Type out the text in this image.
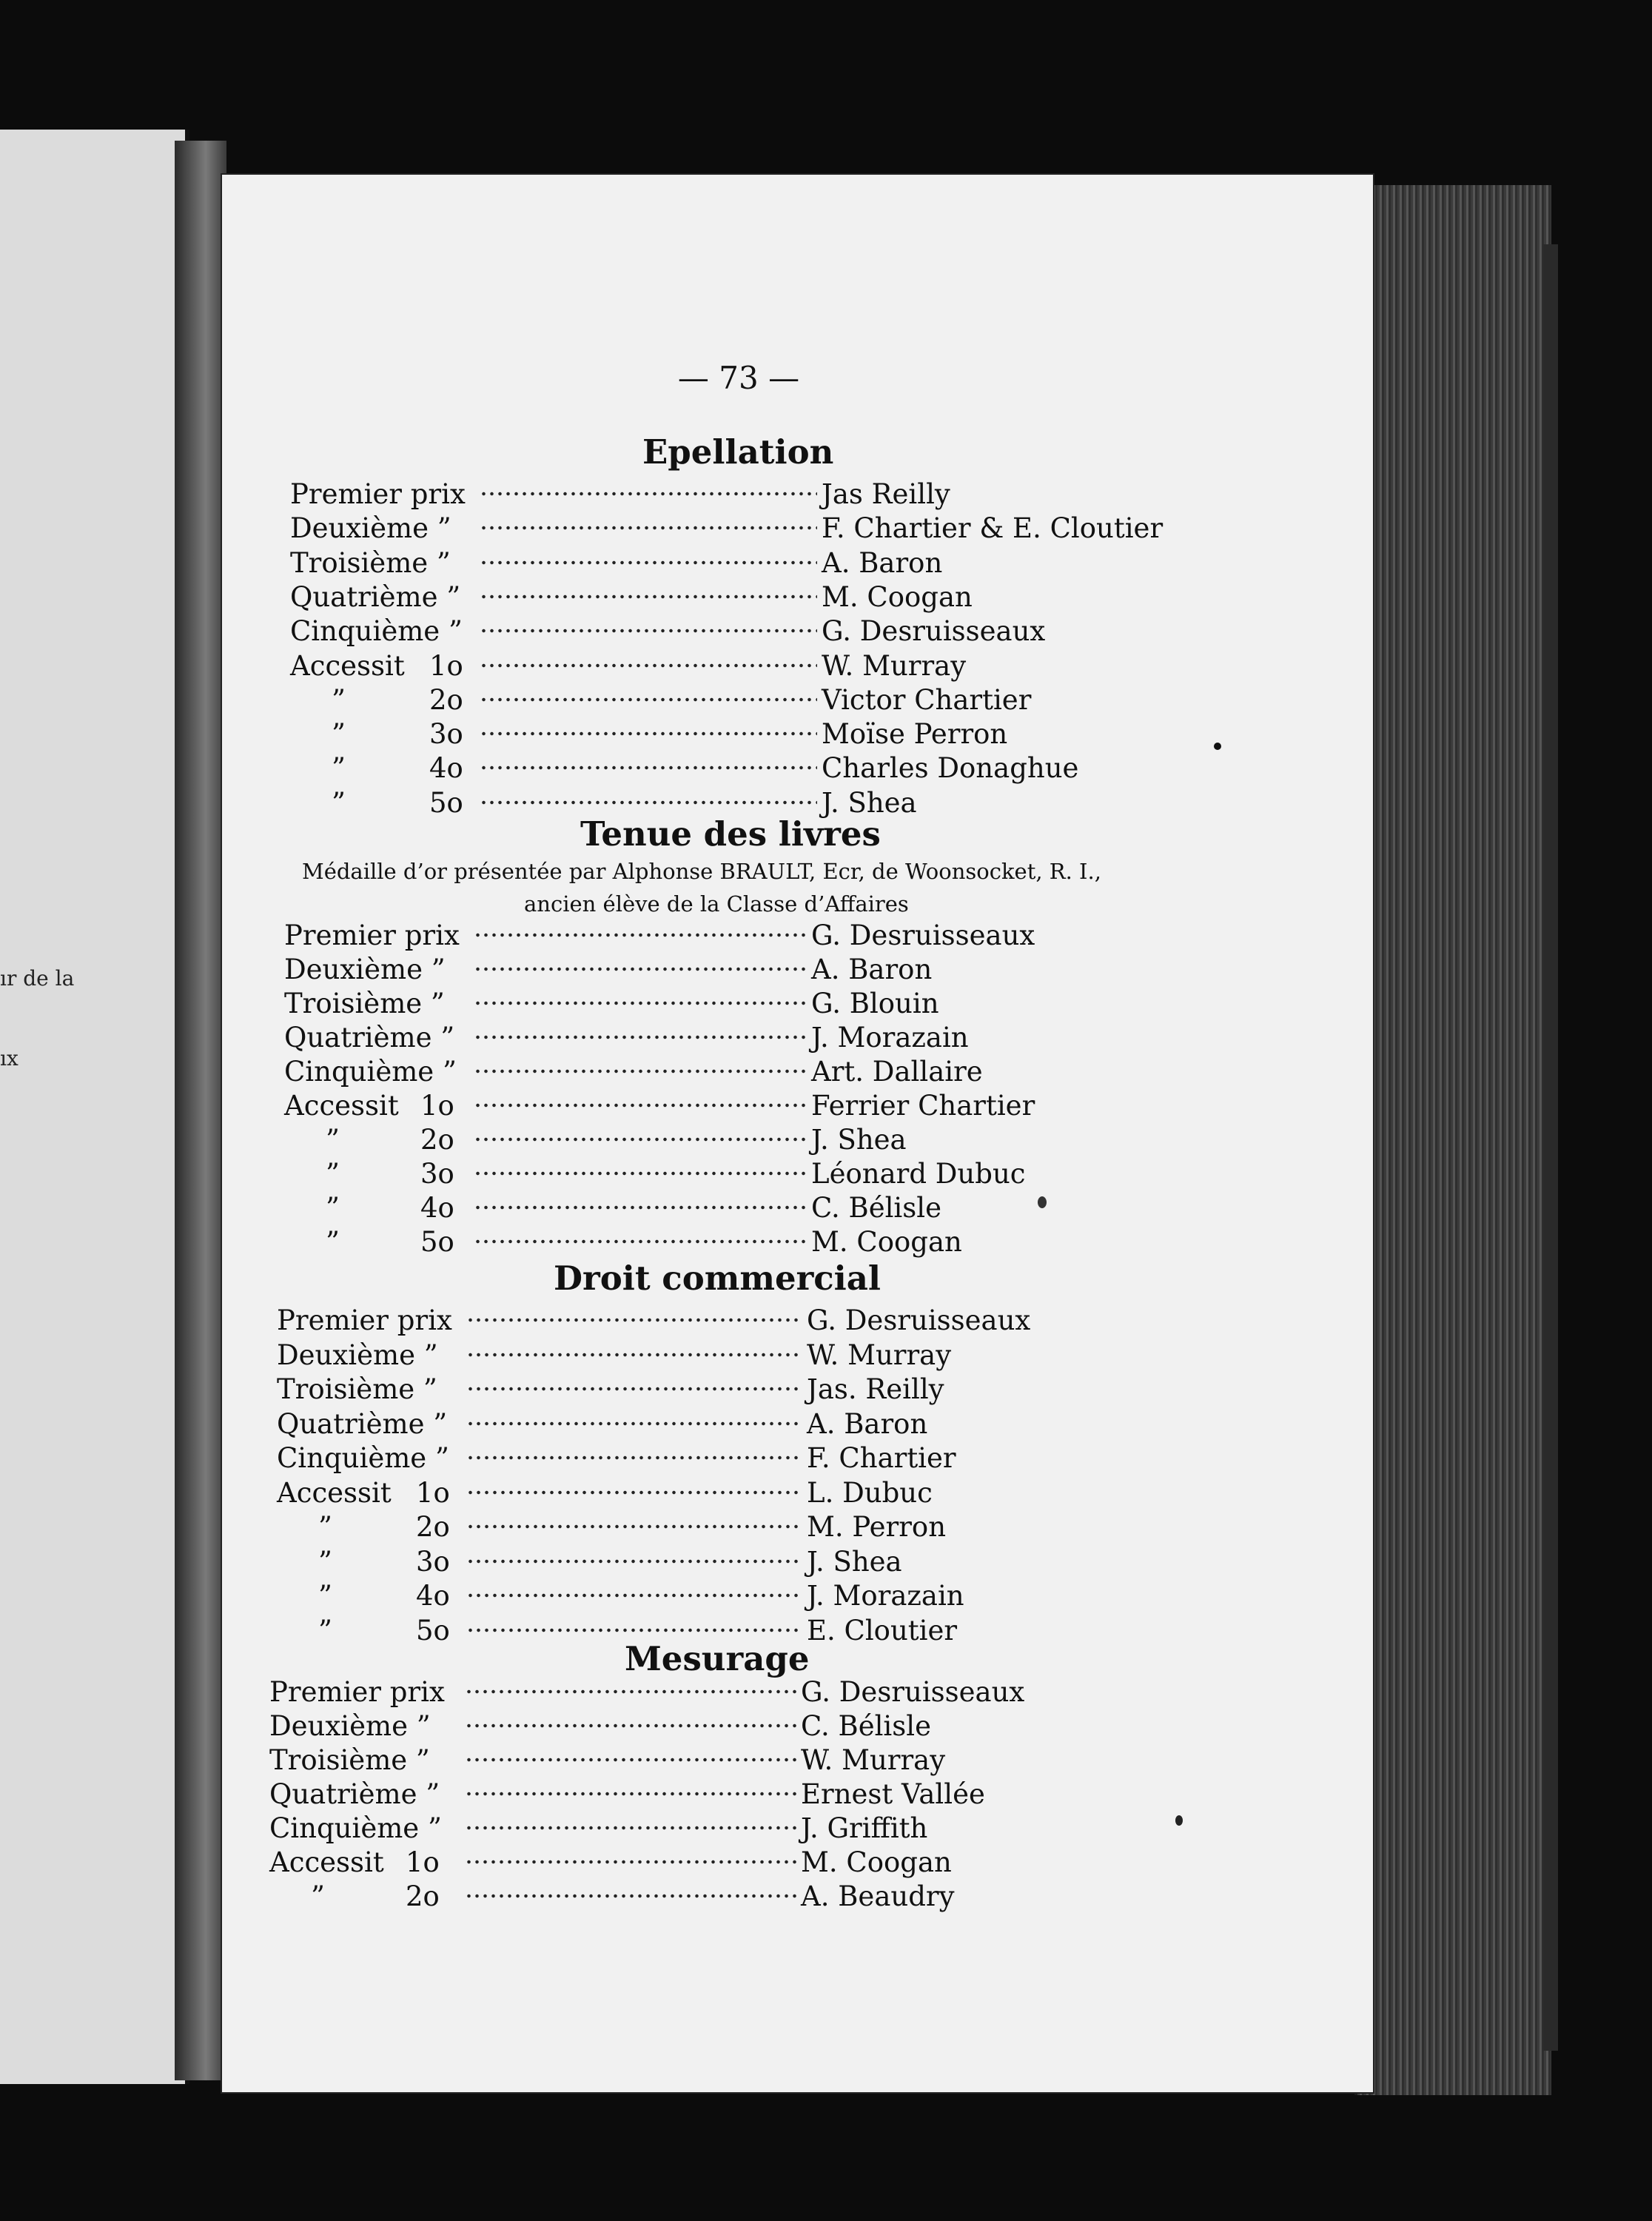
ır de la
ıx
— 73 —
Epellation
Premier prix	Jas Reilly
Deuxième ”	F. Chartier & E. Cloutier
Troisième ”	A. Baron
Quatrième ”	M. Coogan
Cinquième ”	G. Desruisseaux
Accessit 1o	W. Murray
”	2o	Victor Chartier
”	3o	Moïse Perron
”	4o	Charles Donaghue
”	5o	J. Shea
Tenue des livres
Médaille d’or présentée par Alphonse BRAULT, Ecr, de Woonsocket, R. I.,
ancien élève de la Classe d’Affaires
Premier prix	G. Desruisseaux
Deuxième ”	A. Baron
Troisième ”	G. Blouin
Quatrième ”	J. Morazain
Cinquième ”	Art. Dallaire
Accessit 1o	Ferrier Chartier
”	2o	J. Shea
”	3o	Léonard Dubuc
”	4o	C. Bélisle
”	5o	M. Coogan
Droit commercial
Premier prix	G. Desruisseaux
Deuxième ”	W. Murray
Troisième ”	Jas. Reilly
Quatrième ”	A. Baron
Cinquième ”	F. Chartier
Accessit 1o	L. Dubuc
”	2o	M. Perron
”	3o	J. Shea
”	4o	J. Morazain
”	5o	E. Cloutier
Mesurage
Premier prix	G. Desruisseaux
Deuxième ”	C. Bélisle
Troisième ”	W. Murray
Quatrième ”	Ernest Vallée
Cinquième ”	J. Griffith
Accessit 1o	M. Coogan
”	2o	A. Beaudry
